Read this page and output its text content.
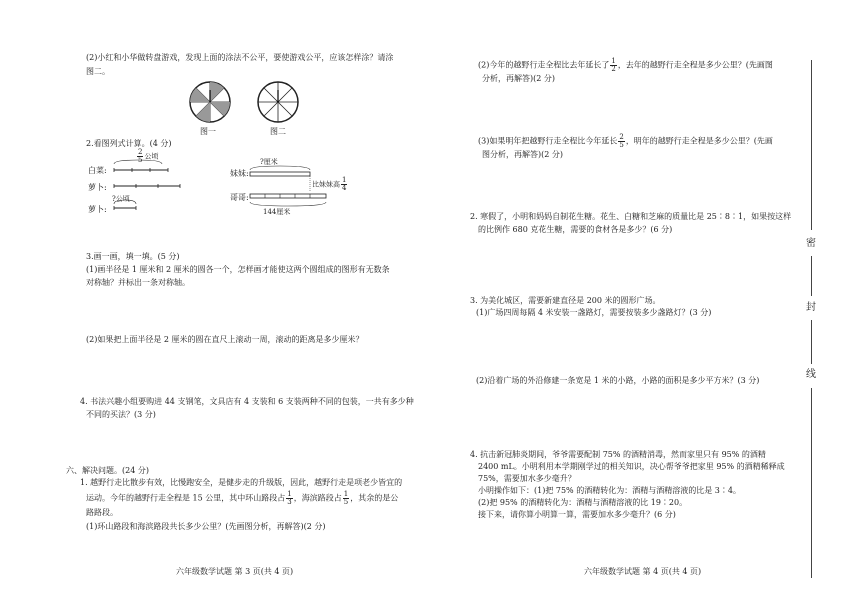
(2)小红和小华做转盘游戏，发现上面的涂法不公平，要使游戏公平，应该怎样涂？请涂
图二。
图一	图二
2.看图列式计算。(4 分)
$\frac{2}{5}$ 公顷
白菜:
萝卜:
萝卜:
?公顷
妹妹:
哥哥:
?厘米
比妹妹高 $\frac{1}{4}$
144厘米
3.画一画，填一填。(5 分)
(1)画半径是 1 厘米和 2 厘米的圆各一个，怎样画才能使这两个圆组成的图形有无数条
对称轴？并标出一条对称轴。
(2)如果把上面半径是 2 厘米的圆在直尺上滚动一周，滚动的距离是多少厘米？
4. 书法兴趣小组要购进 44 支钢笔，文具店有 4 支装和 6 支装两种不同的包装，一共有多少种
不同的买法？(3 分)
六、解决问题。(24 分)
1. 越野行走比散步有效，比慢跑安全，是健步走的升级版，因此，越野行走是项老少皆宜的
运动。今年的越野行走全程是 15 公里，其中环山路段占 $\frac{1}{3}$ ，海滨路段占 $\frac{1}{5}$ ，其余的是公
路路段。
(1)环山路段和海滨路段共长多少公里？(先画图分析，再解答)(2 分)
六年级数学试题 第 3 页(共 4 页)
(2)今年的越野行走全程比去年延长了 $\frac{1}{2}$ ，去年的越野行走全程是多少公里？(先画图
分析，再解答)(2 分)
(3)如果明年把越野行走全程比今年延长 $\frac{2}{5}$ ，明年的越野行走全程是多少公里？(先画
图分析，再解答)(2 分)
2. 寒假了，小明和妈妈自制花生糖。花生、白糖和芝麻的质量比是 25∶8∶1，如果按这样
的比例作 680 克花生糖，需要的食材各是多少？(6 分)
3. 为美化城区，需要新建直径是 200 米的圆形广场。
(1)广场四周每隔 4 米安装一盏路灯，需要按装多少盏路灯？(3 分)
(2)沿着广场的外沿修建一条宽是 1 米的小路，小路的面积是多少平方米？(3 分)
4. 抗击新冠肺炎期间，爷爷需要配制 75% 的酒精消毒，然而家里只有 95% 的酒精
2400 mL。小明利用本学期刚学过的相关知识，决心帮爷爷把家里 95% 的酒精稀释成
75%，需要加水多少毫升？
小明操作如下：(1)把 75% 的酒精转化为：酒精与酒精溶液的比是 3∶4。
(2)把 95% 的酒精转化为：酒精与酒精溶液的比 19∶20。
接下来，请你算小明算一算，需要加水多少毫升？(6 分)
六年级数学试题 第 4 页(共 4 页)
密
封
线
